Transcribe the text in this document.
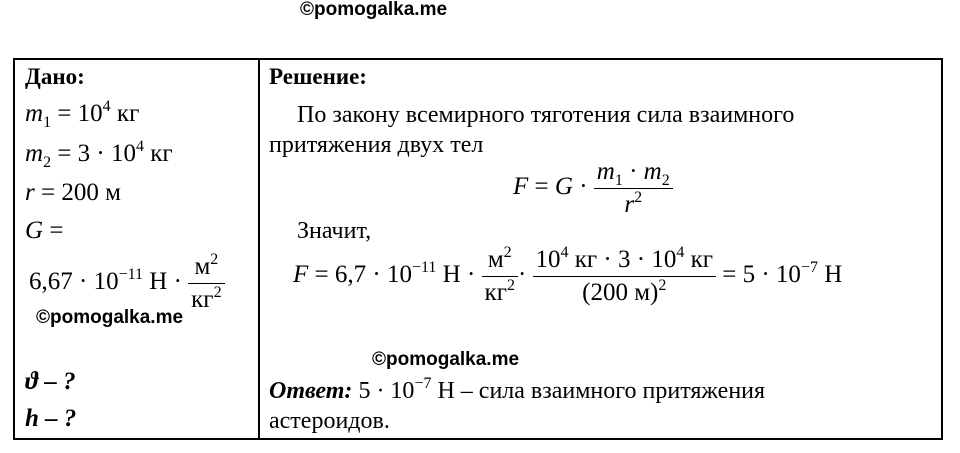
©pomogalka.me
Дано:
$m_1 = 10^4$ кг
$m_2 = 3 \cdot 10^4$ кг
r = 200 м
G =
$6,67 \cdot 10^{-11}$ $Н \cdot \frac{м^2}{кг^2}$
©pomogalka.me
ϑ – ?
h – ?
Решение:
По закону всемирного тяготения сила взаимного
притяжения двух тел
$F = G \cdot \frac{m_1 \cdot m_2}{r^2}$
Значит,
$F = 6,7 \cdot 10^{-11}$ $Н \cdot \frac{м^2}{кг^2} \cdot \frac{10^4 кг \cdot 3 \cdot 10^4 кг}{(200 м)^2} = 5 \cdot 10^{-7}$ Н
©pomogalka.me
Ответ: $5 \cdot 10^{-7}$ Н – сила взаимного притяжения
астероидов.
